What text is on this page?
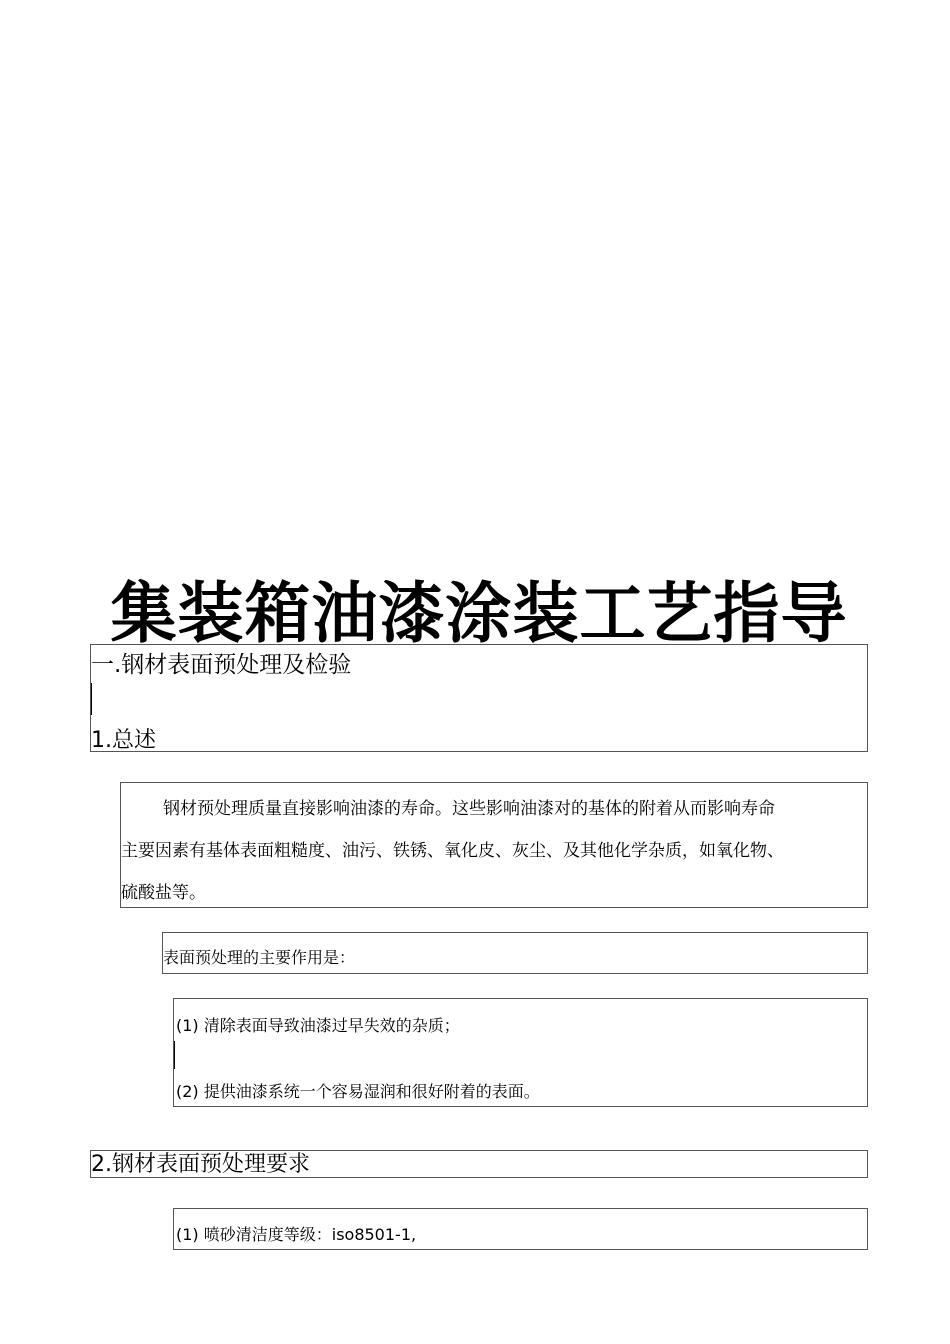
集装箱油漆涂装工艺指导
一.钢材表面预处理及检验
1.总述
钢材预处理质量直接影响油漆的寿命。这些影响油漆对的基体的附着从而影响寿命
主要因素有基体表面粗糙度、油污、铁锈、氧化皮、灰尘、及其他化学杂质，如氧化物、
硫酸盐等。
表面预处理的主要作用是：
(1) 清除表面导致油漆过早失效的杂质；
(2) 提供油漆系统一个容易湿润和很好附着的表面。
2.钢材表面预处理要求
(1) 喷砂清洁度等级：iso8501-1,
